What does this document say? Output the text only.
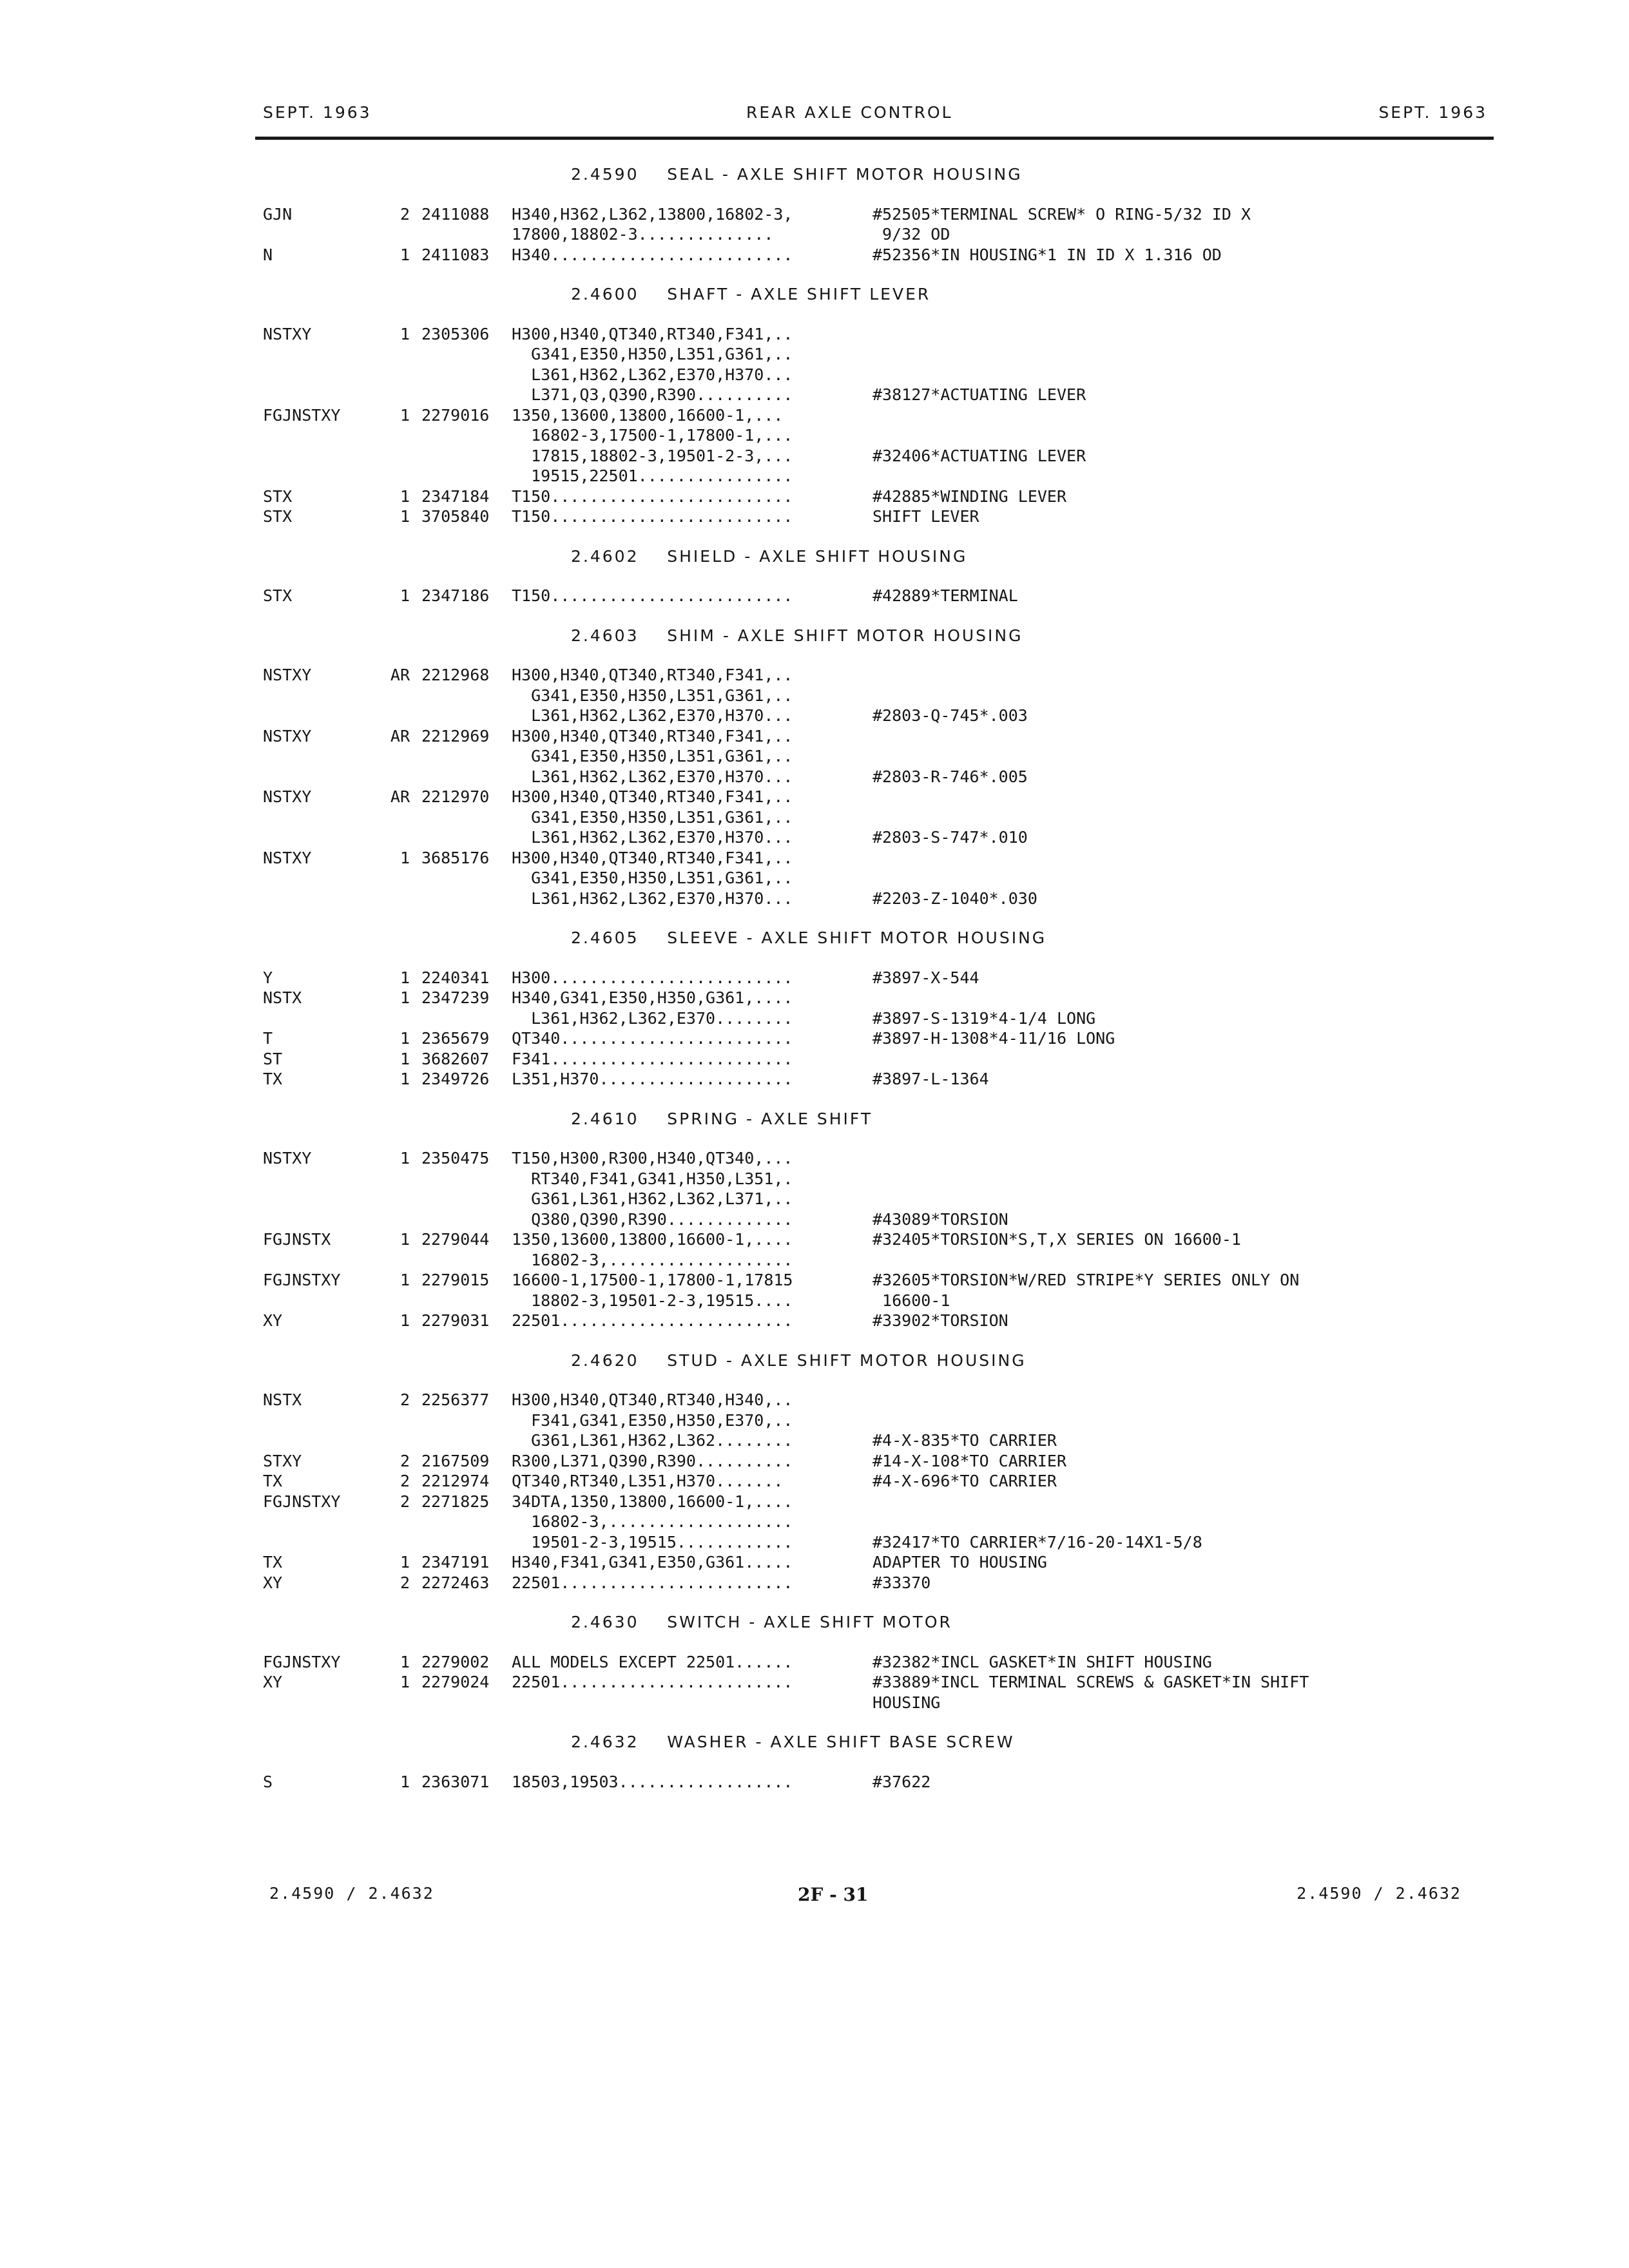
SEPT. 1963	REAR AXLE CONTROL	SEPT. 1963
2.4590    SEAL - AXLE SHIFT MOTOR HOUSING
GJN	2 2411088 H340,H362,L362,13800,16802-3,	#52505*TERMINAL SCREW* O RING-5/32 ID X
17800,18802-3..............	9/32 OD
N	1 2411083 H340.........................	#52356*IN HOUSING*1 IN ID X 1.316 OD
2.4600    SHAFT - AXLE SHIFT LEVER
NSTXY	1 2305306 H300,H340,QT340,RT340,F341,..
G341,E350,H350,L351,G361,..
L361,H362,L362,E370,H370...
L371,Q3,Q390,R390..........	#38127*ACTUATING LEVER
FGJNSTXY	1 2279016 1350,13600,13800,16600-1,...
16802-3,17500-1,17800-1,...
17815,18802-3,19501-2-3,...	#32406*ACTUATING LEVER
19515,22501................
STX	1 2347184 T150.........................	#42885*WINDING LEVER
STX	1 3705840 T150.........................	SHIFT LEVER
2.4602    SHIELD - AXLE SHIFT HOUSING
STX	1 2347186 T150.........................	#42889*TERMINAL
2.4603    SHIM - AXLE SHIFT MOTOR HOUSING
NSTXY	AR 2212968 H300,H340,QT340,RT340,F341,..
G341,E350,H350,L351,G361,..
L361,H362,L362,E370,H370...	#2803-Q-745*.003
NSTXY	AR 2212969 H300,H340,QT340,RT340,F341,..
G341,E350,H350,L351,G361,..
L361,H362,L362,E370,H370...	#2803-R-746*.005
NSTXY	AR 2212970 H300,H340,QT340,RT340,F341,..
G341,E350,H350,L351,G361,..
L361,H362,L362,E370,H370...	#2803-S-747*.010
NSTXY	1 3685176 H300,H340,QT340,RT340,F341,..
G341,E350,H350,L351,G361,..
L361,H362,L362,E370,H370...	#2203-Z-1040*.030
2.4605    SLEEVE - AXLE SHIFT MOTOR HOUSING
Y	1 2240341 H300.........................	#3897-X-544
NSTX	1 2347239 H340,G341,E350,H350,G361,....
L361,H362,L362,E370........	#3897-S-1319*4-1/4 LONG
T	1 2365679 QT340........................	#3897-H-1308*4-11/16 LONG
ST	1 3682607 F341.........................
TX	1 2349726 L351,H370....................	#3897-L-1364
2.4610    SPRING - AXLE SHIFT
NSTXY	1 2350475 T150,H300,R300,H340,QT340,...
RT340,F341,G341,H350,L351,.
G361,L361,H362,L362,L371,..
Q380,Q390,R390.............	#43089*TORSION
FGJNSTX	1 2279044 1350,13600,13800,16600-1,....	#32405*TORSION*S,T,X SERIES ON 16600-1
16802-3,...................
FGJNSTXY	1 2279015 16600-1,17500-1,17800-1,17815	#32605*TORSION*W/RED STRIPE*Y SERIES ONLY ON
18802-3,19501-2-3,19515....	16600-1
XY	1 2279031 22501........................	#33902*TORSION
2.4620    STUD - AXLE SHIFT MOTOR HOUSING
NSTX	2 2256377 H300,H340,QT340,RT340,H340,..
F341,G341,E350,H350,E370,..
G361,L361,H362,L362........	#4-X-835*TO CARRIER
STXY	2 2167509 R300,L371,Q390,R390..........	#14-X-108*TO CARRIER
TX	2 2212974 QT340,RT340,L351,H370.......	#4-X-696*TO CARRIER
FGJNSTXY	2 2271825 34DTA,1350,13800,16600-1,....
16802-3,...................
19501-2-3,19515............	#32417*TO CARRIER*7/16-20-14X1-5/8
TX	1 2347191 H340,F341,G341,E350,G361.....	ADAPTER TO HOUSING
XY	2 2272463 22501........................	#33370
2.4630    SWITCH - AXLE SHIFT MOTOR
FGJNSTXY	1 2279002 ALL MODELS EXCEPT 22501......	#32382*INCL GASKET*IN SHIFT HOUSING
XY	1 2279024 22501........................	#33889*INCL TERMINAL SCREWS & GASKET*IN SHIFT
HOUSING
2.4632    WASHER - AXLE SHIFT BASE SCREW
S	1 2363071 18503,19503..................	#37622
2.4590 / 2.4632	2F - 31	2.4590 / 2.4632
